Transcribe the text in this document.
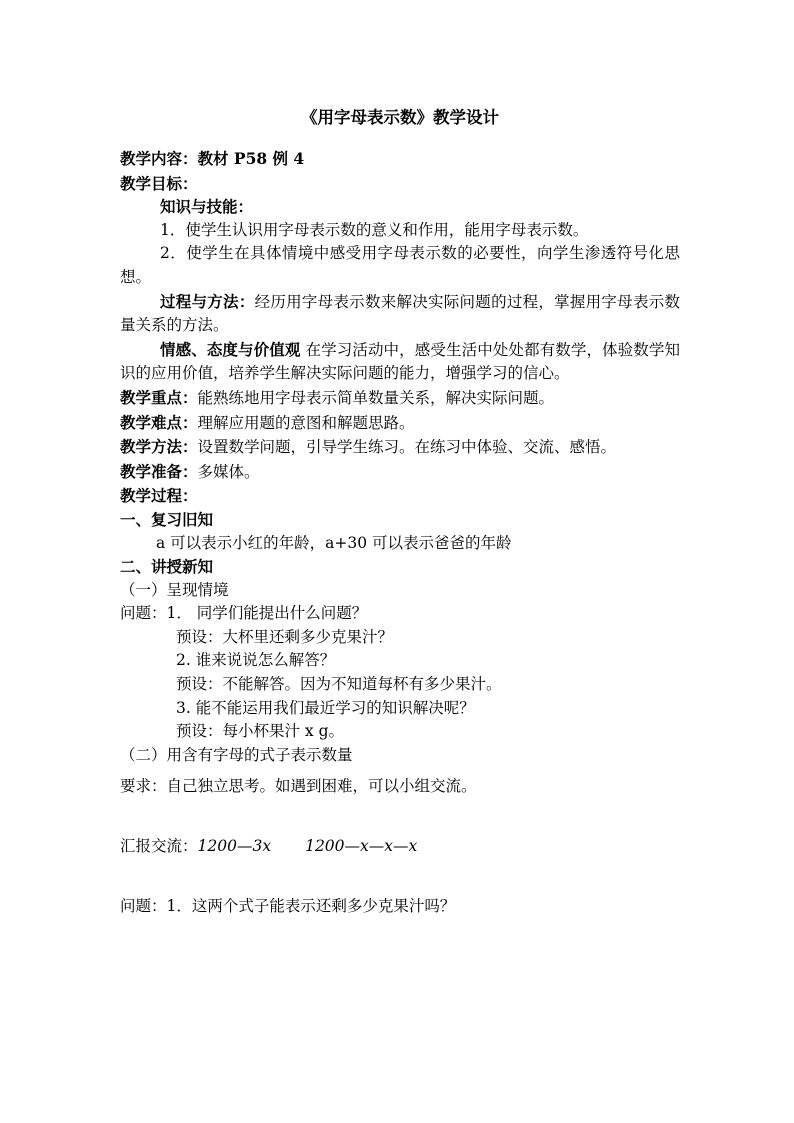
《用字母表示数》教学设计
教学内容：教材 P58 例 4
教学目标：
知识与技能：
1．使学生认识用字母表示数的意义和作用，能用字母表示数。
2．使学生在具体情境中感受用字母表示数的必要性，向学生渗透符号化思想。
过程与方法：经历用字母表示数来解决实际问题的过程，掌握用字母表示数量关系的方法。
情感、态度与价值观 在学习活动中，感受生活中处处都有数学，体验数学知识的应用价值，培养学生解决实际问题的能力，增强学习的信心。
教学重点：能熟练地用字母表示简单数量关系，解决实际问题。
教学难点：理解应用题的意图和解题思路。
教学方法：设置数学问题，引导学生练习。在练习中体验、交流、感悟。
教学准备：多媒体。
教学过程：
一、复习旧知
a 可以表示小红的年龄，a+30 可以表示爸爸的年龄
二、讲授新知
（一）呈现情境
问题：1． 同学们能提出什么问题？
预设：大杯里还剩多少克果汁？
2. 谁来说说怎么解答？
预设：不能解答。因为不知道每杯有多少果汁。
3. 能不能运用我们最近学习的知识解决呢？
预设：每小杯果汁 x g。
（二）用含有字母的式子表示数量
要求：自己独立思考。如遇到困难，可以小组交流。
汇报交流：1200—3x 1200—x—x—x
问题：1．这两个式子能表示还剩多少克果汁吗？
